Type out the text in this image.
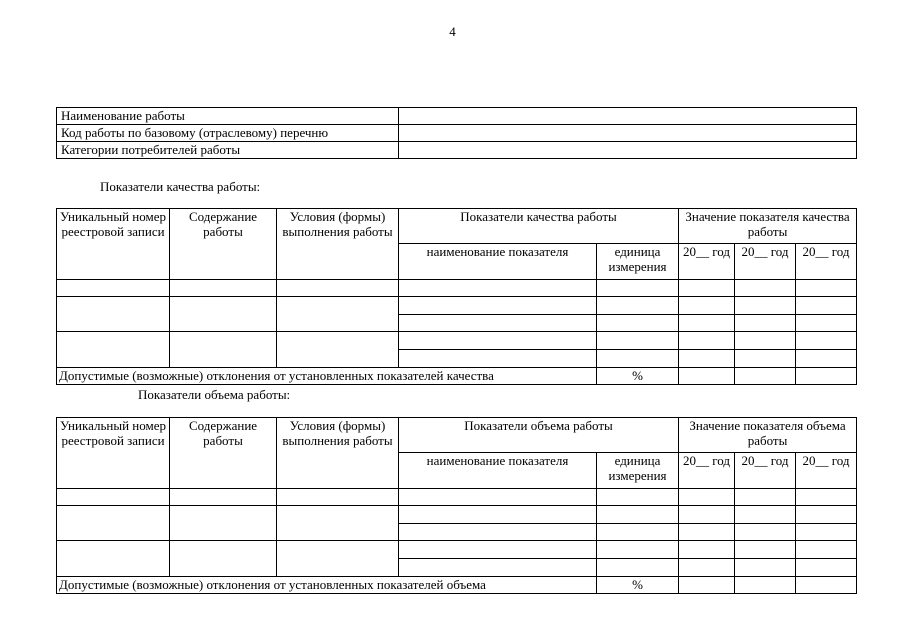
4
Наименование работы	
Код работы по базовому (отраслевому) перечню	
Категории потребителей работы	
Показатели качества работы:
Уникальный номер реестровой записи	Содержание работы	Условия (формы) выполнения работы	Показатели качества работы		Значение показателя качества работы		
			наименование показателя	единица измерения	20__ год	20__ год	20__ год

Допустимые (возможные) отклонения от установленных показателей качества				%			
Показатели объема работы:
Уникальный номер реестровой записи	Содержание работы	Условия (формы) выполнения работы	Показатели объема работы		Значение показателя объема работы		
			наименование показателя	единица измерения	20__ год	20__ год	20__ год

Допустимые (возможные) отклонения от установленных показателей объема				%			
